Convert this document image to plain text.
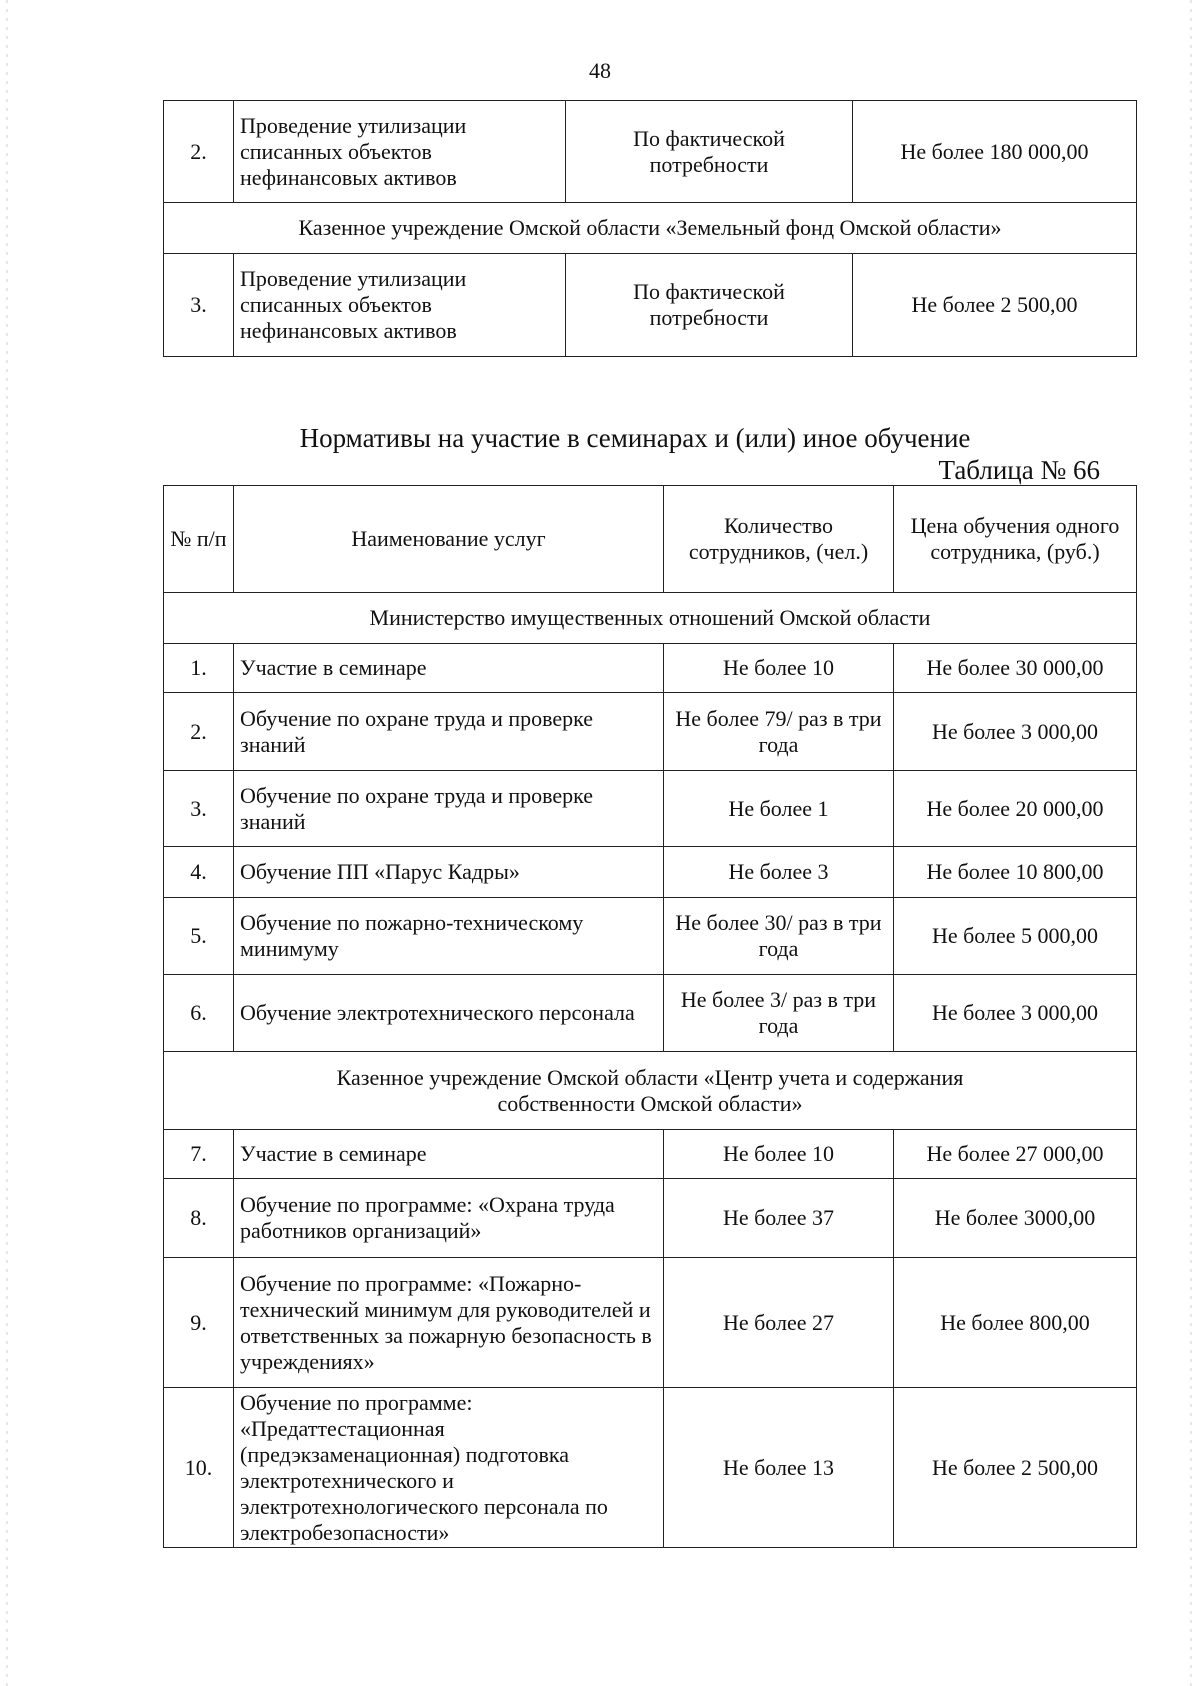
48
2.	Проведение утилизации списанных объектов нефинансовых активов	По фактической потребности	Не более 180 000,00
Казенное учреждение Омской области «Земельный фонд Омской области»			
3.	Проведение утилизации списанных объектов нефинансовых активов	По фактической потребности	Не более 2 500,00
Нормативы на участие в семинарах и (или) иное обучение
Таблица № 66
№ п/п	Наименование услуг	Количество сотрудников, (чел.)	Цена обучения одного сотрудника, (руб.)
Министерство имущественных отношений Омской области			
1.	Участие в семинаре	Не более 10	Не более 30 000,00
2.	Обучение по охране труда и проверке знаний	Не более 79/ раз в три года	Не более 3 000,00
3.	Обучение по охране труда и проверке знаний	Не более 1	Не более 20 000,00
4.	Обучение ПП «Парус Кадры»	Не более 3	Не более 10 800,00
5.	Обучение по пожарно-техническому минимуму	Не более 30/ раз в три года	Не более 5 000,00
6.	Обучение электротехнического персонала	Не более 3/ раз в три года	Не более 3 000,00
Казенное учреждение Омской области «Центр учета и содержания собственности Омской области»			
7.	Участие в семинаре	Не более 10	Не более 27 000,00
8.	Обучение по программе: «Охрана труда работников организаций»	Не более 37	Не более 3000,00
9.	Обучение по программе: «Пожарно-технический минимум для руководителей и ответственных за пожарную безопасность в учреждениях»	Не более 27	Не более 800,00
10.	Обучение по программе: «Предаттестационная (предэкзаменационная) подготовка электротехнического и электротехнологического персонала по электробезопасности»	Не более 13	Не более 2 500,00
